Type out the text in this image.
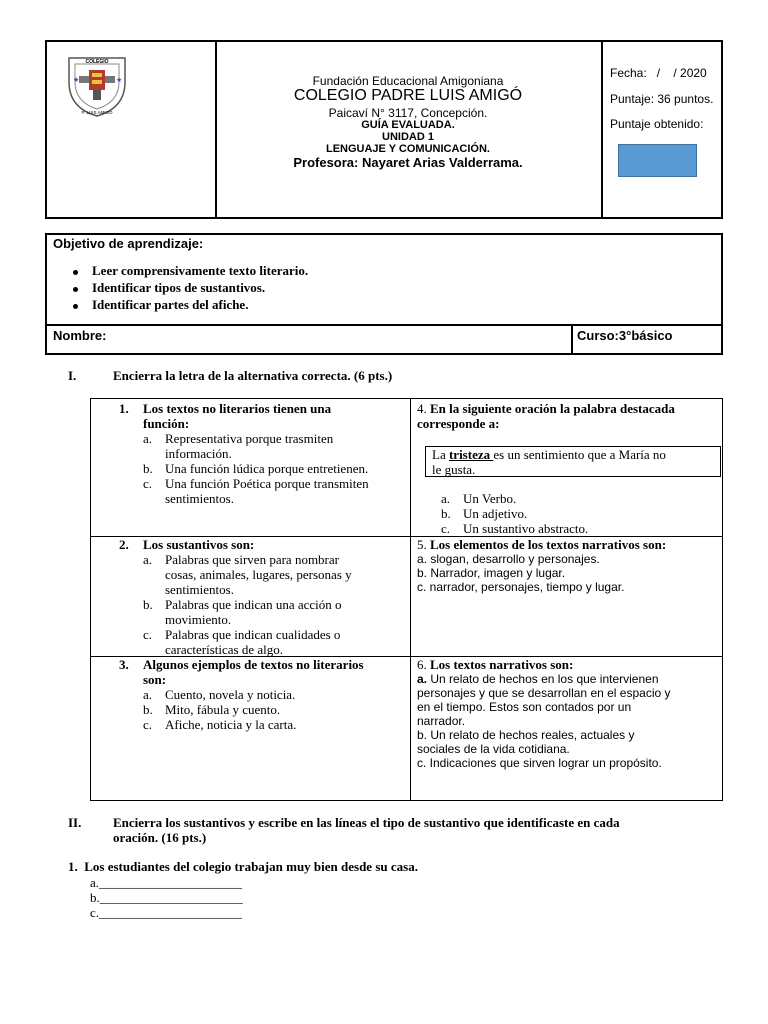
COLEGIO
★	★
P. LUIS AMIGÓ
Fundación Educacional Amigoniana
COLEGIO PADRE LUIS AMIGÓ
Paicaví N° 3117, Concepción.
GUÍA EVALUADA.
UNIDAD 1
LENGUAJE Y COMUNICACIÓN.
Profesora: Nayaret Arias Valderrama.
Fecha:   /    / 2020
Puntaje: 36 puntos.
Puntaje obtenido:
Objetivo de aprendizaje:
Leer comprensivamente texto literario.
Identificar tipos de sustantivos.
Identificar partes del afiche.
Nombre:	Curso:3°básico
I.	Encierra la letra de la alternativa correcta. (6 pts.)
1. Los textos no literarios tienen una
función:
a. Representativa porque trasmiten
información.
b. Una función lúdica porque entretienen.
c. Una función Poética porque transmiten
sentimientos.
4. En la siguiente oración la palabra destacada
corresponde a:
La tristeza es un sentimiento que a María no
le gusta.
a. Un Verbo.
b. Un adjetivo.
c. Un sustantivo abstracto.
2. Los sustantivos son:
a. Palabras que sirven para nombrar
cosas, animales, lugares, personas y
sentimientos.
b. Palabras que indican una acción o
movimiento.
c. Palabras que indican cualidades o
características de algo.
5. Los elementos de los textos narrativos son:
a. slogan, desarrollo y personajes.
b. Narrador, imagen y lugar.
c. narrador, personajes, tiempo y lugar.
3. Algunos ejemplos de textos no literarios
son:
a. Cuento, novela y noticia.
b. Mito, fábula y cuento.
c. Afiche, noticia y la carta.
6. Los textos narrativos son:
a. Un relato de hechos en los que intervienen
personajes y que se desarrollan en el espacio y
en el tiempo. Estos son contados por un
narrador.
b. Un relato de hechos reales, actuales y
sociales de la vida cotidiana.
c. Indicaciones que sirven lograr un propósito.
II. Encierra los sustantivos y escribe en las líneas el tipo de sustantivo que identificaste en cada
oración. (16 pts.)
1. Los estudiantes del colegio trabajan muy bien desde su casa.
a.______________________
b.______________________
c.______________________
